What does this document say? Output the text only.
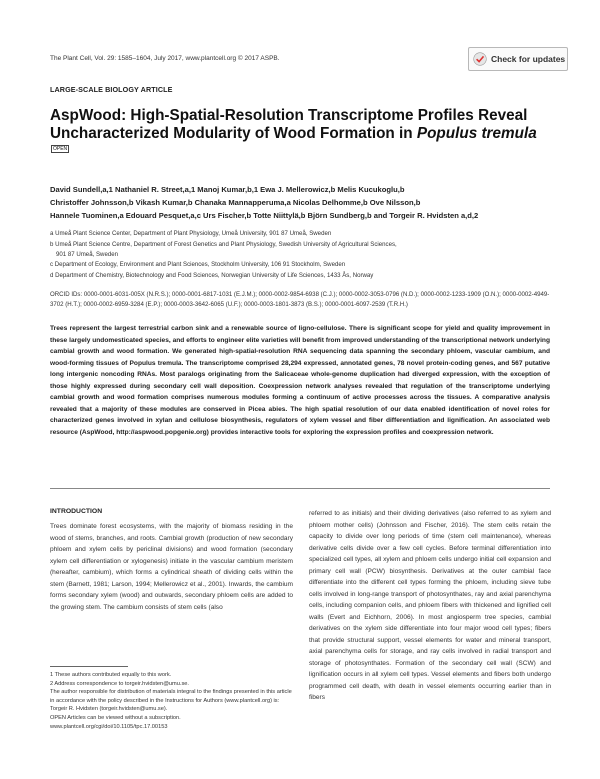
The Plant Cell, Vol. 29: 1585–1604, July 2017, www.plantcell.org © 2017 ASPB.	Check for updates
LARGE-SCALE BIOLOGY ARTICLE
AspWood: High-Spatial-Resolution Transcriptome Profiles Reveal Uncharacterized Modularity of Wood Formation in Populus tremulaOPEN
David Sundell,a,1 Nathaniel R. Street,a,1 Manoj Kumar,b,1 Ewa J. Mellerowicz,b Melis Kucukoglu,b
Christoffer Johnsson,b Vikash Kumar,b Chanaka Mannapperuma,a Nicolas Delhomme,b Ove Nilsson,b
Hannele Tuominen,a Edouard Pesquet,a,c Urs Fischer,b Totte Niittylä,b Björn Sundberg,b and Torgeir R. Hvidsten a,d,2
a Umeå Plant Science Center, Department of Plant Physiology, Umeå University, 901 87 Umeå, Sweden
b Umeå Plant Science Centre, Department of Forest Genetics and Plant Physiology, Swedish University of Agricultural Sciences,
901 87 Umeå, Sweden
c Department of Ecology, Environment and Plant Sciences, Stockholm University, 106 91 Stockholm, Sweden
d Department of Chemistry, Biotechnology and Food Sciences, Norwegian University of Life Sciences, 1433 Ås, Norway
ORCID IDs: 0000-0001-6031-005X (N.R.S.); 0000-0001-6817-1031 (E.J.M.); 0000-0002-9854-6938 (C.J.); 0000-0002-3053-0796 (N.D.); 0000-0002-1233-1909 (O.N.); 0000-0002-4949-3702 (H.T.); 0000-0002-6959-3284 (E.P.); 0000-0003-3642-6065 (U.F.); 0000-0003-1801-3873 (B.S.); 0000-0001-6097-2539 (T.R.H.)
Trees represent the largest terrestrial carbon sink and a renewable source of ligno-cellulose. There is significant scope for yield and quality improvement in these largely undomesticated species, and efforts to engineer elite varieties will benefit from improved understanding of the transcriptional network underlying cambial growth and wood formation. We generated high-spatial-resolution RNA sequencing data spanning the secondary phloem, vascular cambium, and wood-forming tissues of Populus tremula. The transcriptome comprised 28,294 expressed, annotated genes, 78 novel protein-coding genes, and 567 putative long intergenic noncoding RNAs. Most paralogs originating from the Salicaceae whole-genome duplication had diverged expression, with the exception of those highly expressed during secondary cell wall deposition. Coexpression network analyses revealed that regulation of the transcriptome underlying cambial growth and wood formation comprises numerous modules forming a continuum of active processes across the tissues. A comparative analysis revealed that a majority of these modules are conserved in Picea abies. The high spatial resolution of our data enabled identification of novel roles for characterized genes involved in xylan and cellulose biosynthesis, regulators of xylem vessel and fiber differentiation and lignification. An associated web resource (AspWood, http://aspwood.popgenie.org) provides interactive tools for exploring the expression profiles and coexpression network.
INTRODUCTION
Trees dominate forest ecosystems, with the majority of biomass residing in the wood of stems, branches, and roots. Cambial growth (production of new secondary phloem and xylem cells by periclinal divisions) and wood formation (secondary xylem cell differentiation or xylogenesis) initiate in the vascular cambium meristem (hereafter, cambium), which forms a cylindrical sheath of dividing cells within the stem (Barnett, 1981; Larson, 1994; Mellerowicz et al., 2001). Inwards, the cambium forms secondary xylem (wood) and outwards, secondary phloem cells are added to the growing stem. The cambium consists of stem cells (also
referred to as initials) and their dividing derivatives (also referred to as xylem and phloem mother cells) (Johnsson and Fischer, 2016). The stem cells retain the capacity to divide over long periods of time (stem cell maintenance), whereas derivative cells divide over a few cell cycles. Before terminal differentiation into specialized cell types, all xylem and phloem cells undergo initial cell expansion and primary cell wall (PCW) biosynthesis. Derivatives at the outer cambial face differentiate into the different cell types forming the phloem, including sieve tube cells involved in long-range transport of photosynthates, ray and axial parenchyma cells, including companion cells, and phloem fibers with thickened and lignified cell walls (Evert and Eichhorn, 2006). In most angiosperm tree species, cambial derivatives on the xylem side differentiate into four major wood cell types; fibers that provide structural support, vessel elements for water and mineral transport, axial parenchyma cells for storage, and ray cells involved in radial transport and storage of photosynthates. Formation of the secondary cell wall (SCW) and lignification occurs in all xylem cell types. Vessel elements and fibers both undergo programmed cell death, with death in vessel elements occurring earlier than in fibers
1 These authors contributed equally to this work.
2 Address correspondence to torgeir.hvidsten@umu.se.
The author responsible for distribution of materials integral to the findings presented in this article in accordance with the policy described in the Instructions for Authors (www.plantcell.org) is: Torgeir R. Hvidsten (torgeir.hvidsten@umu.se).
OPEN Articles can be viewed without a subscription.
www.plantcell.org/cgi/doi/10.1105/tpc.17.00153
